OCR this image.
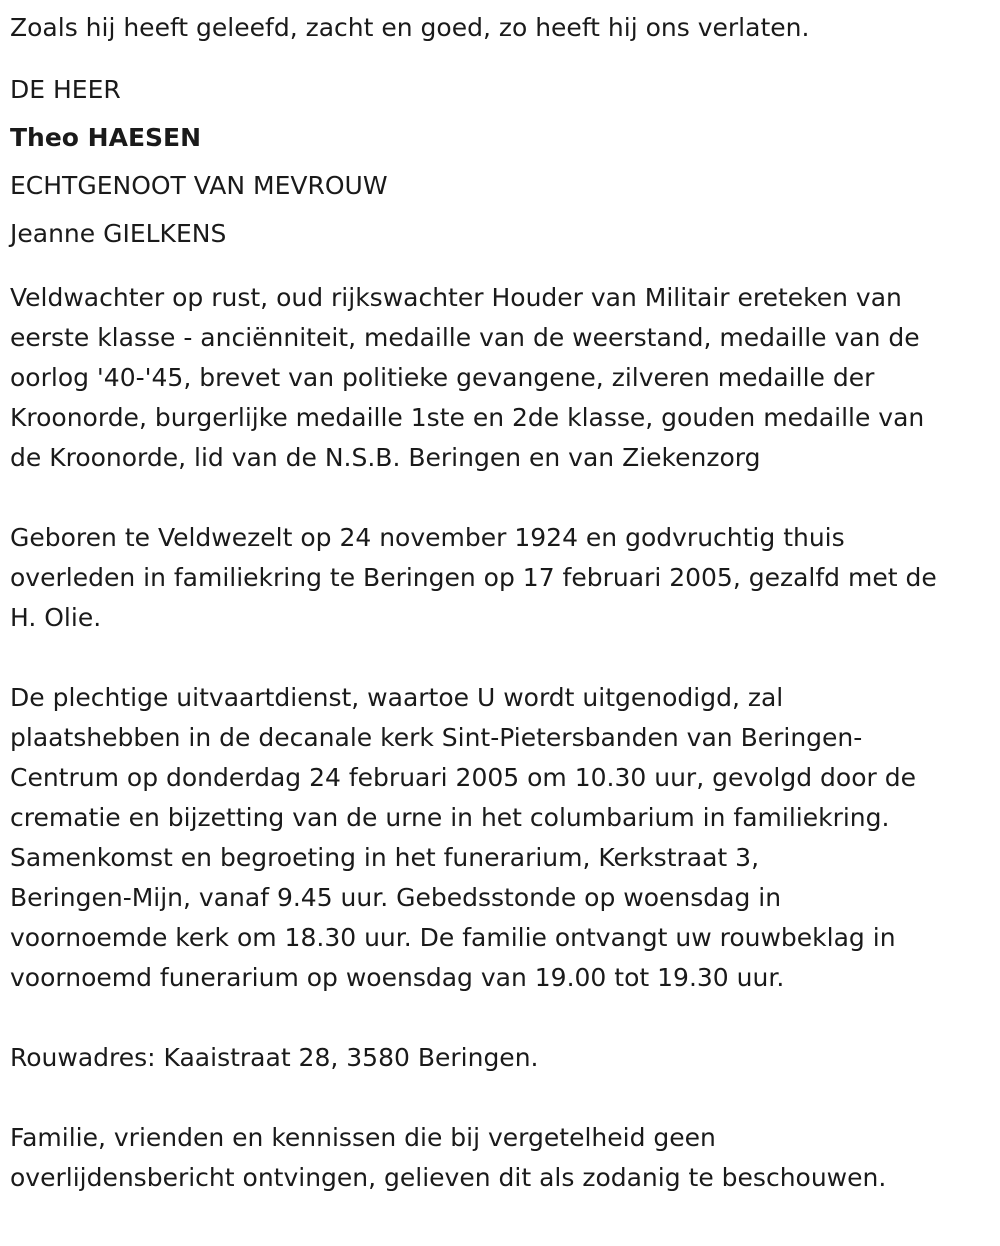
Zoals hij heeft geleefd, zacht en goed, zo heeft hij ons verlaten.
DE HEER
Theo HAESEN
ECHTGENOOT VAN MEVROUW
Jeanne GIELKENS
Veldwachter op rust, oud rijkswachter Houder van Militair ereteken van
eerste klasse - anciënniteit, medaille van de weerstand, medaille van de
oorlog '40-'45, brevet van politieke gevangene, zilveren medaille der
Kroonorde, burgerlijke medaille 1ste en 2de klasse, gouden medaille van
de Kroonorde, lid van de N.S.B. Beringen en van Ziekenzorg
Geboren te Veldwezelt op 24 november 1924 en godvruchtig thuis
overleden in familiekring te Beringen op 17 februari 2005, gezalfd met de
H. Olie.
De plechtige uitvaartdienst, waartoe U wordt uitgenodigd, zal
plaatshebben in de decanale kerk Sint-Pietersbanden van Beringen-
Centrum op donderdag 24 februari 2005 om 10.30 uur, gevolgd door de
crematie en bijzetting van de urne in het columbarium in familiekring.
Samenkomst en begroeting in het funerarium, Kerkstraat 3,
Beringen-Mijn, vanaf 9.45 uur. Gebedsstonde op woensdag in
voornoemde kerk om 18.30 uur. De familie ontvangt uw rouwbeklag in
voornoemd funerarium op woensdag van 19.00 tot 19.30 uur.
Rouwadres: Kaaistraat 28, 3580 Beringen.
Familie, vrienden en kennissen die bij vergetelheid geen
overlijdensbericht ontvingen, gelieven dit als zodanig te beschouwen.
